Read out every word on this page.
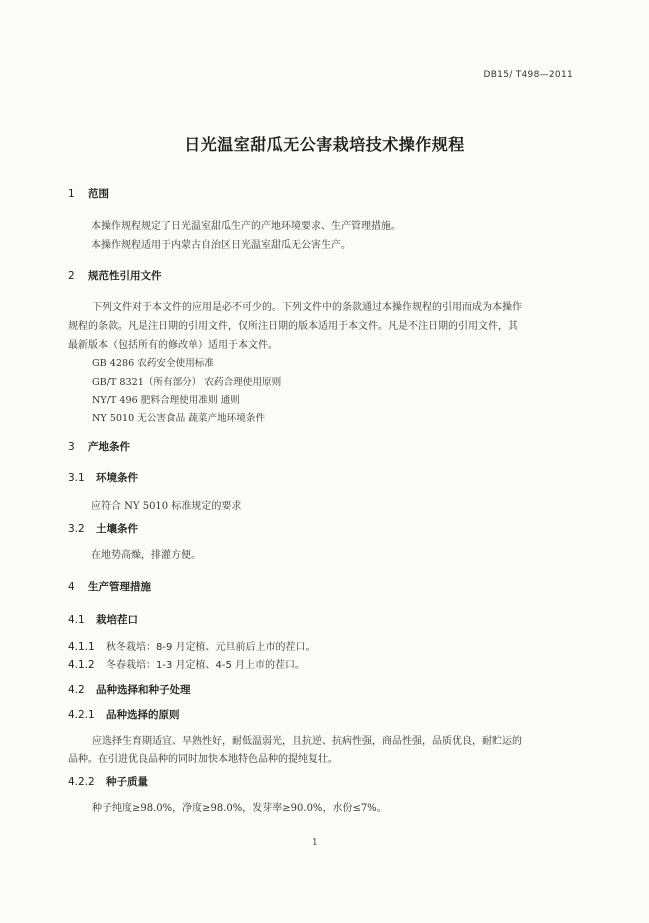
DB15/ T498—2011
日光温室甜瓜无公害栽培技术操作规程
1 范围
本操作规程规定了日光温室甜瓜生产的产地环境要求、生产管理措施。
本操作规程适用于内蒙古自治区日光温室甜瓜无公害生产。
2 规范性引用文件
下列文件对于本文件的应用是必不可少的。下列文件中的条款通过本操作规程的引用而成为本操作
规程的条款。凡是注日期的引用文件，仅所注日期的版本适用于本文件。凡是不注日期的引用文件，其
最新版本（包括所有的修改单）适用于本文件。
GB 4286 农药安全使用标准
GB/T 8321（所有部分） 农药合理使用原则
NY/T 496 肥料合理使用准则 通则
NY 5010 无公害食品 蔬菜产地环境条件
3 产地条件
3.1 环境条件
应符合 NY 5010 标准规定的要求
3.2 土壤条件
在地势高燥，排灌方便。
4 生产管理措施
4.1 栽培茬口
4.1.1 秋冬栽培：8-9 月定植、元旦前后上市的茬口。
4.1.2 冬春栽培：1-3 月定植、4-5 月上市的茬口。
4.2 品种选择和种子处理
4.2.1 品种选择的原则
应选择生育期适宜、早熟性好，耐低温弱光，且抗逆、抗病性强，商品性强，品质优良，耐贮运的
品种。在引进优良品种的同时加快本地特色品种的提纯复壮。
4.2.2 种子质量
种子纯度≥98.0%，净度≥98.0%，发芽率≥90.0%，水份≤7%。
1
